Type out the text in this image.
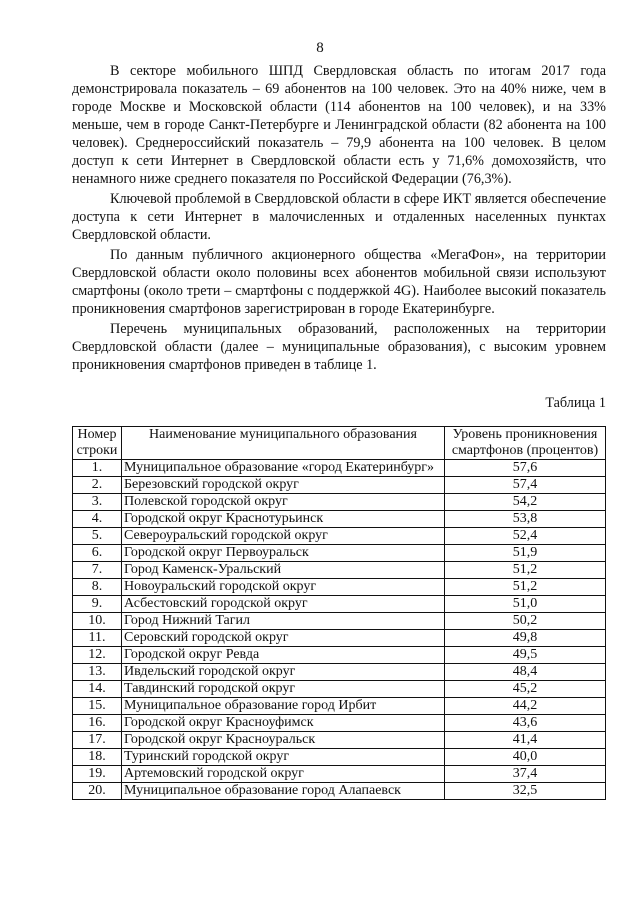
8

В секторе мобильного ШПД Свердловская область по итогам 2017 года демонстрировала показатель – 69 абонентов на 100 человек. Это на 40% ниже, чем в городе Москве и Московской области (114 абонентов на 100 человек), и на 33% меньше, чем в городе Санкт-Петербурге и Ленинградской области (82 абонента на 100 человек). Среднероссийский показатель – 79,9 абонента на 100 человек. В целом доступ к сети Интернет в Свердловской области есть у 71,6% домохозяйств, что ненамного ниже среднего показателя по Российской Федерации (76,3%).

Ключевой проблемой в Свердловской области в сфере ИКТ является обеспечение доступа к сети Интернет в малочисленных и отдаленных населенных пунктах Свердловской области.

По данным публичного акционерного общества «МегаФон», на территории Свердловской области около половины всех абонентов мобильной связи используют смартфоны (около трети – смартфоны с поддержкой 4G). Наиболее высокий показатель проникновения смартфонов зарегистрирован в городе Екатеринбурге.

Перечень муниципальных образований, расположенных на территории Свердловской области (далее – муниципальные образования), с высоким уровнем проникновения смартфонов приведен в таблице 1.

Таблица 1
Номер
строки	Наименование муниципального образования	Уровень проникновения
смартфонов (процентов)

1.	Муниципальное образование «город Екатеринбург»	57,6
2.	Березовский городской округ	57,4
3.	Полевской городской округ	54,2
4.	Городской округ Краснотурьинск	53,8
5.	Североуральский городской округ	52,4
6.	Городской округ Первоуральск	51,9
7.	Город Каменск-Уральский	51,2
8.	Новоуральский городской округ	51,2
9.	Асбестовский городской округ	51,0
10.	Город Нижний Тагил	50,2
11.	Серовский городской округ	49,8
12.	Городской округ Ревда	49,5
13.	Ивдельский городской округ	48,4
14.	Тавдинский городской округ	45,2
15.	Муниципальное образование город Ирбит	44,2
16.	Городской округ Красноуфимск	43,6
17.	Городской округ Красноуральск	41,4
18.	Туринский городской округ	40,0
19.	Артемовский городской округ	37,4
20.	Муниципальное образование город Алапаевск	32,5
